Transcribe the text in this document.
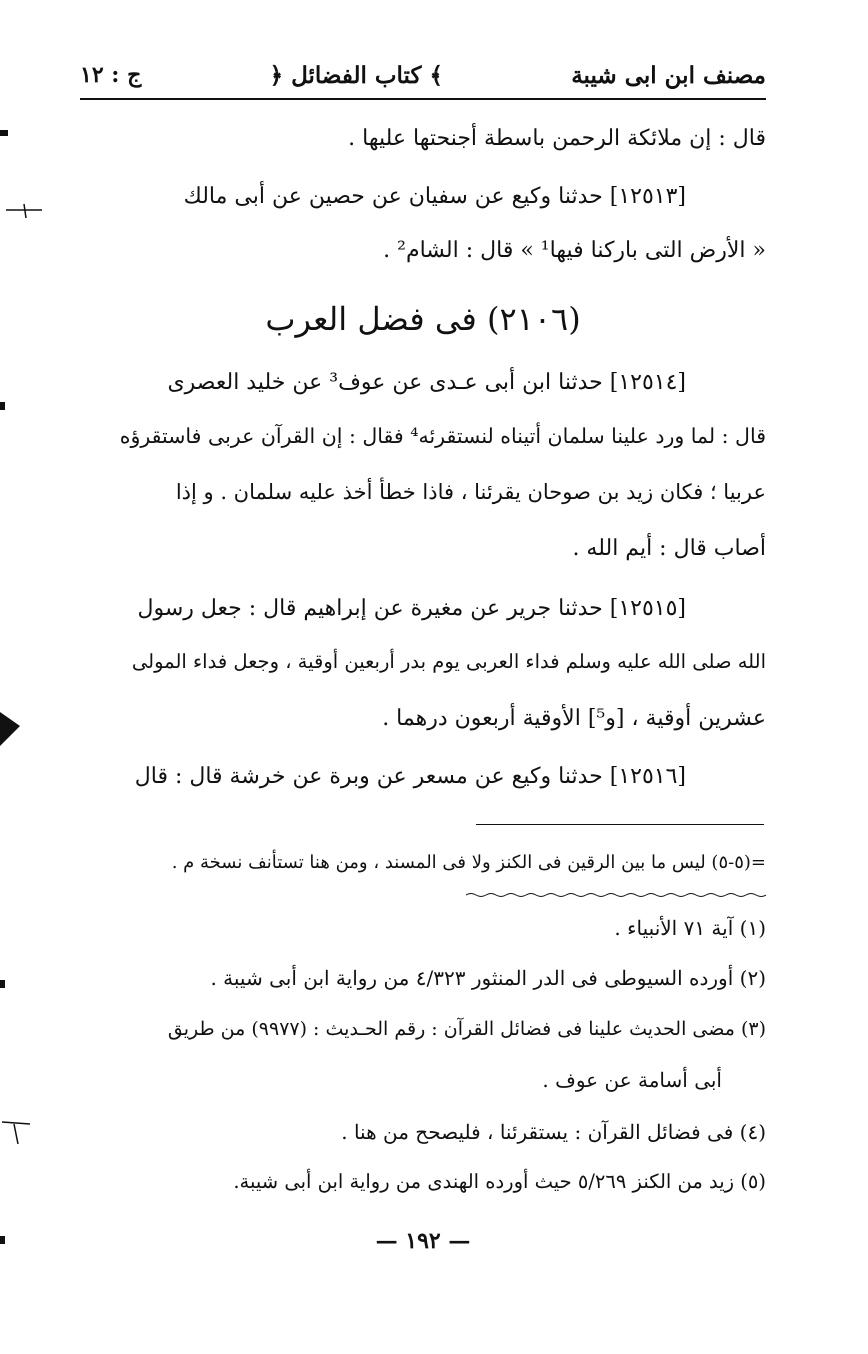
مصنف ابن ابى شيبة
﴿ كتاب الفضائل ﴾
ج : ١٢
قال : إن ملائكة الرحمن باسطة أجنحتها عليها .
[١٢٥١٣] حدثنا وكيع عن سفيان عن حصين عن أبى مالك
« الأرض التى باركنا فيها¹ » قال : الشام² .
(٢١٠٦) فى فضل العرب
[١٢٥١٤] حدثنا ابن أبى عـدى عن عوف³ عن خليد العصرى
قال : لما ورد علينا سلمان أتيناه لنستقرئه⁴ فقال : إن القرآن عربى فاستقرؤه
عربيا ؛ فكان زيد بن صوحان يقرئنا ، فاذا خطأ أخذ عليه سلمان . و إذا
أصاب قال : أيم الله .
[١٢٥١٥] حدثنا جرير عن مغيرة عن إبراهيم قال : جعل رسول
الله صلى الله عليه وسلم فداء العربى يوم بدر أربعين أوقية ، وجعل فداء المولى
عشرين أوقية ، [و⁵] الأوقية أربعون درهما .
[١٢٥١٦] حدثنا وكيع عن مسعر عن وبرة عن خرشة قال : قال
=(٥-٥) ليس ما بين الرقين فى الكنز ولا فى المسند ، ومن هنا تستأنف نسخة م .
(١) آية ٧١ الأنبياء .
(٢) أورده السيوطى فى الدر المنثور ٤/٣٢٣ من رواية ابن أبى شيبة .
(٣) مضى الحديث علينا فى فضائل القرآن : رقم الحـديث : (٩٩٧٧) من طريق
أبى أسامة عن عوف .
(٤) فى فضائل القرآن : يستقرئنا ، فليصحح من هنا .
(٥) زيد من الكنز ٥/٢٦٩ حيث أورده الهندى من رواية ابن أبى شيبة.
— ١٩٢ —
